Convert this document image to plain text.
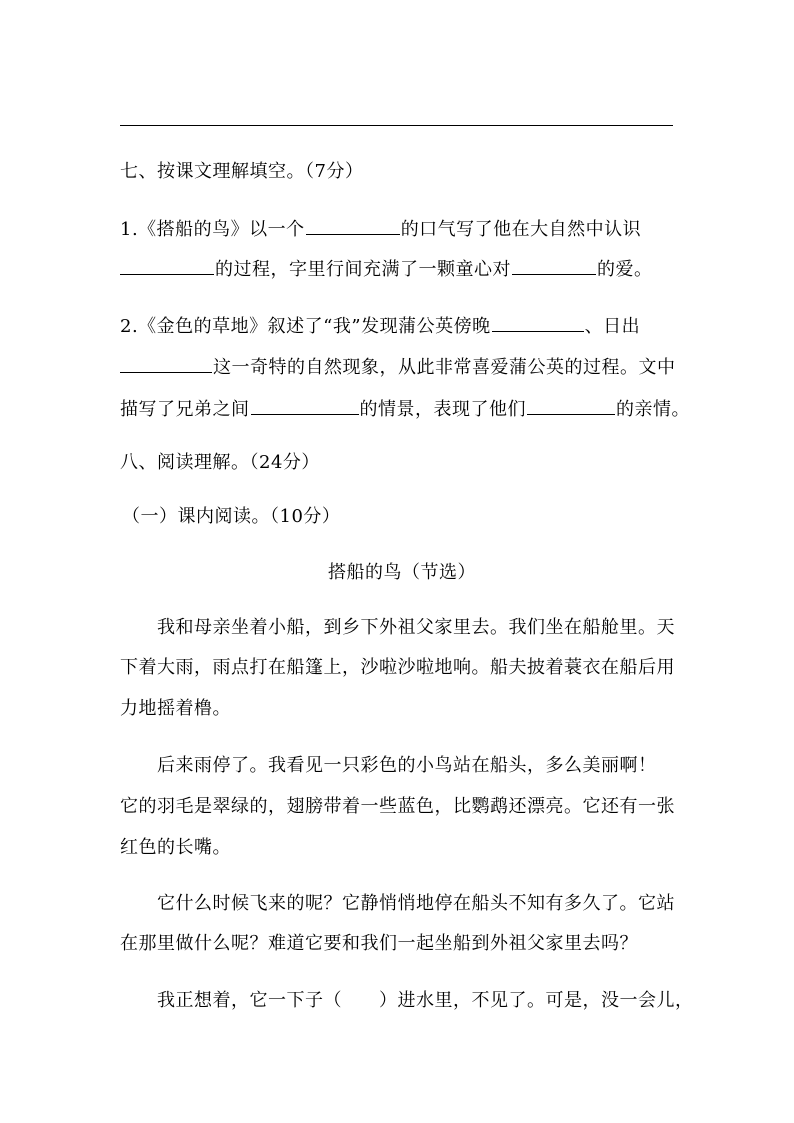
七、按课文理解填空。（7分）
1.《搭船的鸟》以一个	的口气写了他在大自然中认识
的过程，字里行间充满了一颗童心对	的爱。
2.《金色的草地》叙述了“我”发现蒲公英傍晚	、日出
这一奇特的自然现象，从此非常喜爱蒲公英的过程。文中
描写了兄弟之间	的情景，表现了他们	的亲情。
八、阅读理解。（24分）
（一）课内阅读。（10分）
搭船的鸟（节选）
我和母亲坐着小船，到乡下外祖父家里去。我们坐在船舱里。天
下着大雨，雨点打在船篷上，沙啦沙啦地响。船夫披着蓑衣在船后用
力地摇着橹。
后来雨停了。我看见一只彩色的小鸟站在船头，多么美丽啊！
它的羽毛是翠绿的，翅膀带着一些蓝色，比鹦鹉还漂亮。它还有一张
红色的长嘴。
它什么时候飞来的呢？它静悄悄地停在船头不知有多久了。它站
在那里做什么呢？难道它要和我们一起坐船到外祖父家里去吗？
我正想着，它一下子（　　 ）进水里，不见了。可是，没一会儿，
